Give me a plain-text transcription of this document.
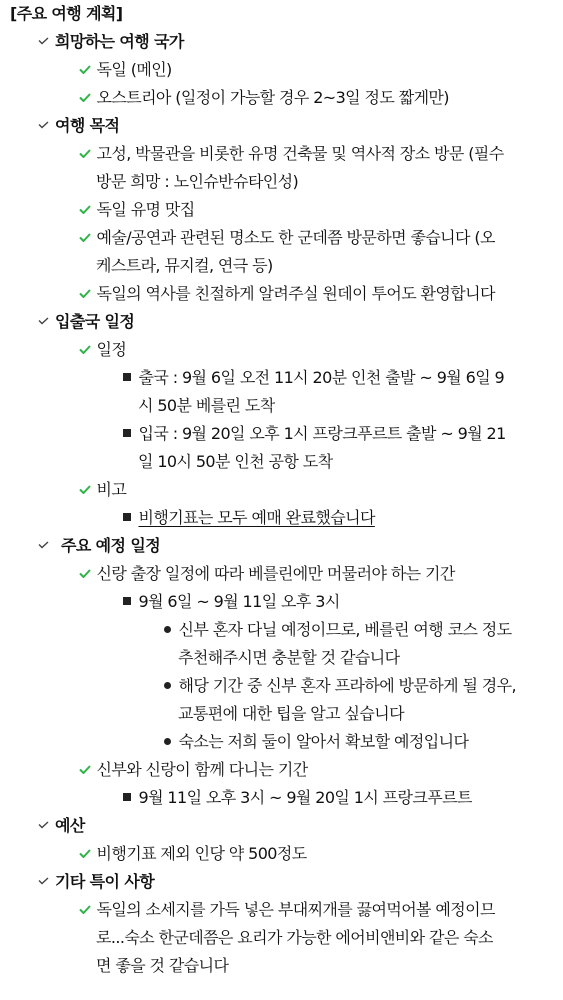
[주요 여행 계획]
희망하는 여행 국가
독일 (메인)
오스트리아 (일정이 가능할 경우 2~3일 정도 짧게만)
여행 목적
고성, 박물관을 비롯한 유명 건축물 및 역사적 장소 방문 (필수
방문 희망 : 노인슈반슈타인성)
독일 유명 맛집
예술/공연과 관련된 명소도 한 군데쯤 방문하면 좋습니다 (오
케스트라, 뮤지컬, 연극 등)
독일의 역사를 친절하게 알려주실 원데이 투어도 환영합니다
입출국 일정
일정
출국 : 9월 6일 오전 11시 20분 인천 출발 ~ 9월 6일 9
시 50분 베를린 도착
입국 : 9월 20일 오후 1시 프랑크푸르트 출발 ~ 9월 21
일 10시 50분 인천 공항 도착
비고
비행기표는 모두 예매 완료했습니다
주요 예정 일정
신랑 출장 일정에 따라 베를린에만 머물러야 하는 기간
9월 6일 ~ 9월 11일 오후 3시
신부 혼자 다닐 예정이므로, 베를린 여행 코스 정도
추천해주시면 충분할 것 같습니다
해당 기간 중 신부 혼자 프라하에 방문하게 될 경우,
교통편에 대한 팁을 알고 싶습니다
숙소는 저희 둘이 알아서 확보할 예정입니다
신부와 신랑이 함께 다니는 기간
9월 11일 오후 3시 ~ 9월 20일 1시 프랑크푸르트
예산
비행기표 제외 인당 약 500정도
기타 특이 사항
독일의 소세지를 가득 넣은 부대찌개를 끓여먹어볼 예정이므
로...숙소 한군데쯤은 요리가 가능한 에어비앤비와 같은 숙소
면 좋을 것 같습니다
